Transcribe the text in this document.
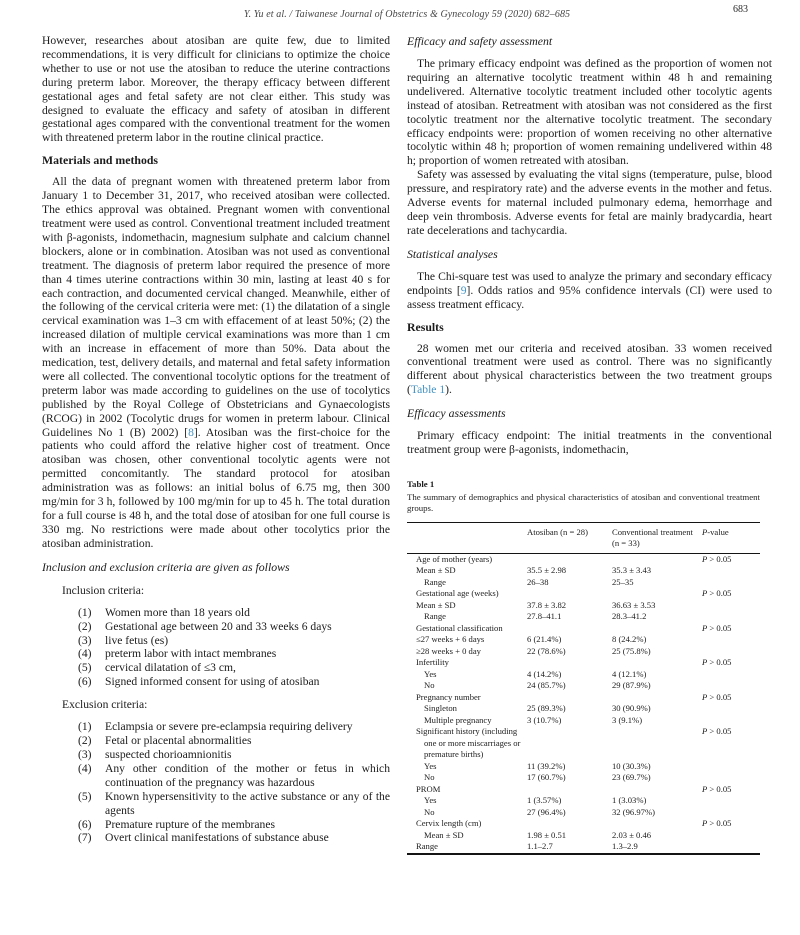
Y. Yu et al. / Taiwanese Journal of Obstetrics & Gynecology 59 (2020) 682–685	683

However, researches about atosiban are quite few, due to limited recommendations, it is very difficult for clinicians to optimize the choice whether to use or not use the atosiban to reduce the uterine contractions during preterm labor. Moreover, the therapy efficacy between different gestational ages and fetal safety are not clear either. This study was designed to evaluate the efficacy and safety of atosiban in different gestational ages compared with the conventional treatment for the women with threatened preterm labor in the routine clinical practice.

Materials and methods

All the data of pregnant women with threatened preterm labor from January 1 to December 31, 2017, who received atosiban were collected. The ethics approval was obtained. Pregnant women with conventional treatment were used as control. Conventional treatment included treatment with β-agonists, indomethacin, magnesium sulphate and calcium channel blockers, alone or in combination. Atosiban was not used as conventional treatment. The diagnosis of preterm labor required the presence of more than 4 times uterine contractions within 30 min, lasting at least 40 s for each contraction, and documented cervical changed. Meanwhile, either of the following of the cervical criteria were met: (1) the dilatation of a single cervical examination was 1–3 cm with effacement of at least 50%; (2) the increased dilation of multiple cervical examinations was more than 1 cm with an increase in effacement of more than 50%. Data about the medication, test, delivery details, and maternal and fetal safety information were all collected. The conventional tocolytic options for the treatment of preterm labor was made according to guidelines on the use of tocolytics published by the Royal College of Obstetricians and Gynaecologists (RCOG) in 2002 (Tocolytic drugs for women in preterm labour. Clinical Guidelines No 1 (B) 2002) [8]. Atosiban was the first-choice for the patients who could afford the relative higher cost of treatment. Once atosiban was chosen, other conventional tocolytic agents were not permitted concomitantly. The standard protocol for atosiban administration was as follows: an initial bolus of 6.75 mg, then 300 mg/min for 3 h, followed by 100 mg/min for up to 45 h. The total duration for a full course is 48 h, and the total dose of atosiban for one full course is 330 mg. No restrictions were made about other tocolytics prior the atosiban administration.

Inclusion and exclusion criteria are given as follows

Inclusion criteria:

(1)	Women more than 18 years old
(2)	Gestational age between 20 and 33 weeks 6 days
(3)	live fetus (es)
(4)	preterm labor with intact membranes
(5)	cervical dilatation of ≤3 cm,
(6)	Signed informed consent for using of atosiban

Exclusion criteria:

(1)	Eclampsia or severe pre-eclampsia requiring delivery
(2)	Fetal or placental abnormalities
(3)	suspected chorioamnionitis
(4)	Any other condition of the mother or fetus in which continuation of the pregnancy was hazardous
(5)	Known hypersensitivity to the active substance or any of the agents
(6)	Premature rupture of the membranes
(7)	Overt clinical manifestations of substance abuse
Efficacy and safety assessment

The primary efficacy endpoint was defined as the proportion of women not requiring an alternative tocolytic treatment within 48 h and remaining undelivered. Alternative tocolytic treatment included other tocolytic agents instead of atosiban. Retreatment with atosiban was not considered as the first tocolytic treatment nor the alternative tocolytic treatment. The secondary efficacy endpoints were: proportion of women receiving no other alternative tocolytic within 48 h; proportion of women remaining undelivered within 48 h; proportion of women retreated with atosiban.

Safety was assessed by evaluating the vital signs (temperature, pulse, blood pressure, and respiratory rate) and the adverse events in the mother and fetus. Adverse events for maternal included pulmonary edema, hemorrhage and deep vein thrombosis. Adverse events for fetal are mainly bradycardia, heart rate decelerations and tachycardia.

Statistical analyses

The Chi-square test was used to analyze the primary and secondary efficacy endpoints [9]. Odds ratios and 95% confidence intervals (CI) were used to assess treatment efficacy.

Results

28 women met our criteria and received atosiban. 33 women received conventional treatment were used as control. There was no significantly different about physical characteristics between the two treatment groups (Table 1).

Efficacy assessments

Primary efficacy endpoint: The initial treatments in the conventional treatment group were β-agonists, indomethacin,

Table 1

The summary of demographics and physical characteristics of atosiban and conventional treatment groups.

	Atosiban (n = 28)	Conventional treatment (n = 33)	P-value
Age of mother (years)			P > 0.05
Mean ± SD	35.5 ± 2.98	35.3 ± 3.43	
Range	26–38	25–35	
Gestational age (weeks)			P > 0.05
Mean ± SD	37.8 ± 3.82	36.63 ± 3.53	
Range	27.8–41.1	28.3–41.2	
Gestational classification			P > 0.05
≤27 weeks + 6 days	6 (21.4%)	8 (24.2%)	
≥28 weeks + 0 day	22 (78.6%)	25 (75.8%)	
Infertility			P > 0.05
Yes	4 (14.2%)	4 (12.1%)	
No	24 (85.7%)	29 (87.9%)	
Pregnancy number			P > 0.05
Singleton	25 (89.3%)	30 (90.9%)	
Multiple pregnancy	3 (10.7%)	3 (9.1%)	
Significant history (including one or more miscarriages or premature births)			P > 0.05
Yes	11 (39.2%)	10 (30.3%)	
No	17 (60.7%)	23 (69.7%)	
PROM			P > 0.05
Yes	1 (3.57%)	1 (3.03%)	
No	27 (96.4%)	32 (96.97%)	
Cervix length (cm)			P > 0.05
Mean ± SD	1.98 ± 0.51	2.03 ± 0.46	
Range	1.1–2.7	1.3–2.9	
